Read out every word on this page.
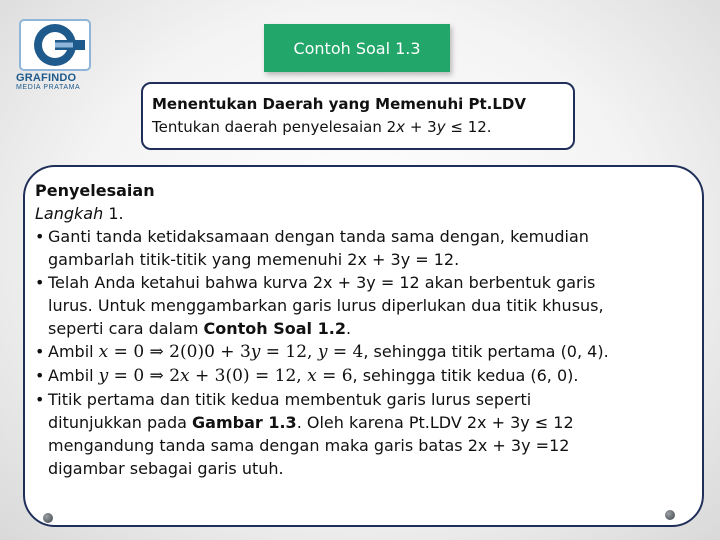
GRAFINDO
MEDIA PRATAMA
Contoh Soal 1.3
Menentukan Daerah yang Memenuhi Pt.LDV
Tentukan daerah penyelesaian 2x + 3y ≤ 12.
Penyelesaian
Langkah 1.
• Ganti tanda ketidaksamaan dengan tanda sama dengan, kemudian
gambarlah titik-titik yang memenuhi 2x + 3y = 12.
• Telah Anda ketahui bahwa kurva 2x + 3y = 12 akan berbentuk garis
lurus. Untuk menggambarkan garis lurus diperlukan dua titik khusus,
seperti cara dalam Contoh Soal 1.2.
• Ambil x = 0 ⇒ 2(0)0 + 3y = 12, y = 4, sehingga titik pertama (0, 4).
• Ambil y = 0 ⇒ 2x + 3(0) = 12, x = 6, sehingga titik kedua (6, 0).
• Titik pertama dan titik kedua membentuk garis lurus seperti
ditunjukkan pada Gambar 1.3. Oleh karena Pt.LDV 2x + 3y ≤ 12
mengandung tanda sama dengan maka garis batas 2x + 3y =12
digambar sebagai garis utuh.
